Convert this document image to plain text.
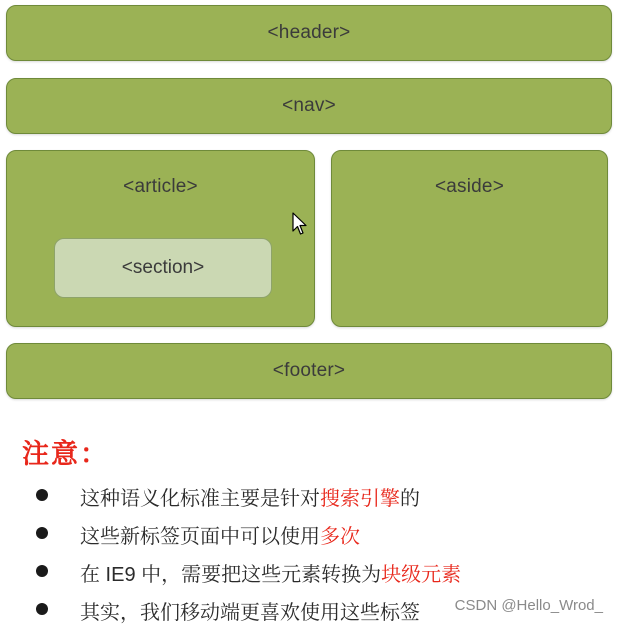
<header>
<nav>
<article>
<section>
<aside>
<footer>
注意：
这种语义化标准主要是针对搜索引擎的
这些新标签页面中可以使用多次
在 IE9 中，需要把这些元素转换为块级元素
其实，我们移动端更喜欢使用这些标签 CSDN @Hello_Wrod_
